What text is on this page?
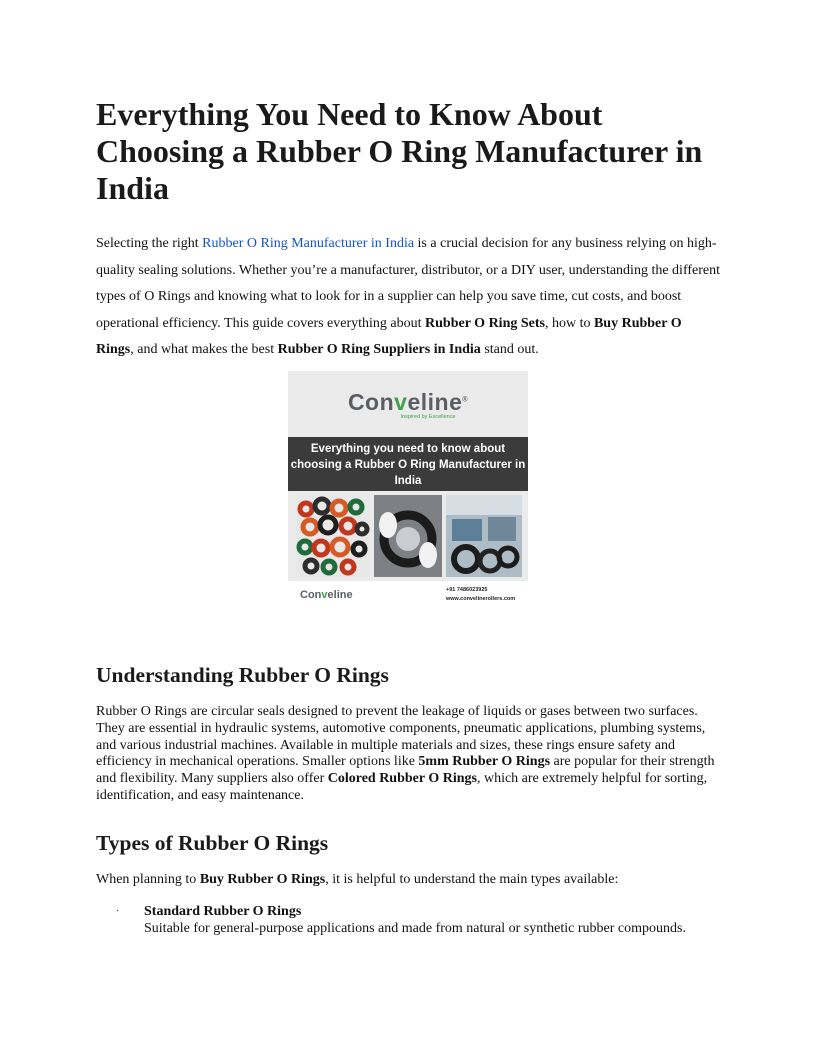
Everything You Need to Know About Choosing a Rubber O Ring Manufacturer in India

Selecting the right Rubber O Ring Manufacturer in India is a crucial decision for any business relying on high-quality sealing solutions. Whether you’re a manufacturer, distributor, or a DIY user, understanding the different types of O Rings and knowing what to look for in a supplier can help you save time, cut costs, and boost operational efficiency. This guide covers everything about Rubber O Ring Sets, how to Buy Rubber O Rings, and what makes the best Rubber O Ring Suppliers in India stand out.

Conveline®
Inspired by Excellence
Everything you need to know about choosing a Rubber O Ring Manufacturer in India
Conveline	+91 7486023925
www.convelinerollers.com
Understanding Rubber O Rings

Rubber O Rings are circular seals designed to prevent the leakage of liquids or gases between two surfaces. They are essential in hydraulic systems, automotive components, pneumatic applications, plumbing systems, and various industrial machines. Available in multiple materials and sizes, these rings ensure safety and efficiency in mechanical operations. Smaller options like 5mm Rubber O Rings are popular for their strength and flexibility. Many suppliers also offer Colored Rubber O Rings, which are extremely helpful for sorting, identification, and easy maintenance.

Types of Rubber O Rings

When planning to Buy Rubber O Rings, it is helpful to understand the main types available:

· Standard Rubber O Rings
Suitable for general-purpose applications and made from natural or synthetic rubber compounds.
